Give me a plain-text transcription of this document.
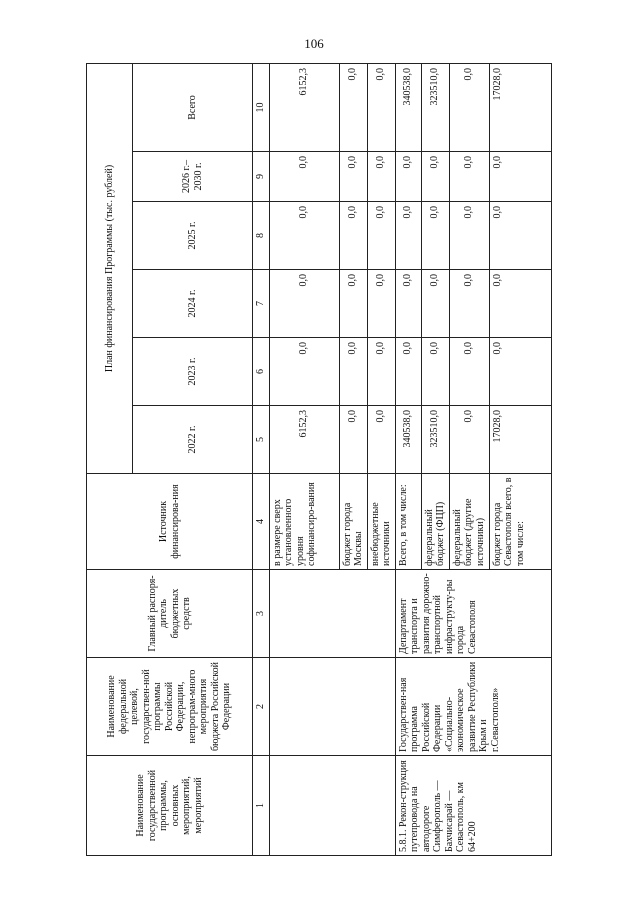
106
Наименование государственной программы, основных мероприятий, мероприятий	Наименование федеральной целевой, государствен-ной программы Российской Федерации, непрограм-много мероприятия бюджета Российской Федерации	Главный распоря-дитель бюджетных средств	Источник финансирова-ния	План финансирования Программы (тыс. рублей)					
				2022 г.	2023 г.	2024 г.	2025 г.	2026 г.– 2030 г.	Всего
1	2	3	4	5	6	7	8	9	10
			в размере сверх установленного уровня софинансиро-вания	6152,3	0,0	0,0	0,0	0,0	6152,3
			бюджет города Москвы	0,0	0,0	0,0	0,0	0,0	0,0
			внебюджетные источники	0,0	0,0	0,0	0,0	0,0	0,0
5.8.1. Рекон-струкция путепровода на автодороге Симферополь — Бахчисарай — Севастополь, км 64+200	Государствен-ная программа Российской Федерации «Социально-экономическое развитие Республики Крым и г.Севастополя»	Департамент транспорта и развития дорожно-транспортной инфраструкту-ры города Севастополя	Всего, в том числе:	340538,0	0,0	0,0	0,0	0,0	340538,0
			федеральный бюджет (ФЦП)	323510,0	0,0	0,0	0,0	0,0	323510,0
			федеральный бюджет (другие источники)	0,0	0,0	0,0	0,0	0,0	0,0
			бюджет города Севастополя всего, в том числе:	17028,0	0,0	0,0	0,0	0,0	17028,0
